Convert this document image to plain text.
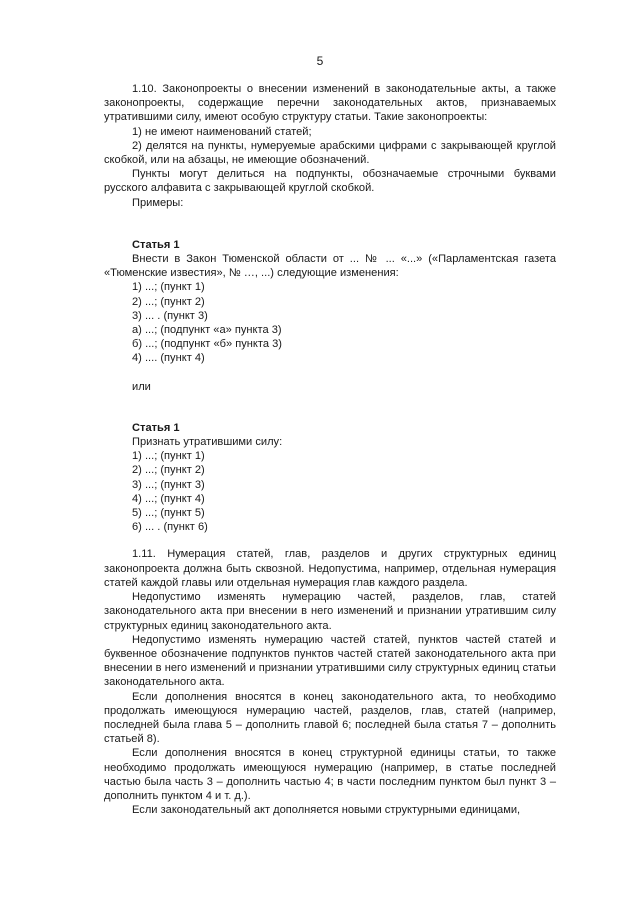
5

1.10. Законопроекты о внесении изменений в законодательные акты, а также законопроекты, содержащие перечни законодательных актов, признаваемых утратившими силу, имеют особую структуру статьи. Такие законопроекты:

1) не имеют наименований статей;

2) делятся на пункты, нумеруемые арабскими цифрами с закрывающей круглой скобкой, или на абзацы, не имеющие обозначений.

Пункты могут делиться на подпункты, обозначаемые строчными буквами русского алфавита с закрывающей круглой скобкой.

Примеры:

Статья 1

Внести в Закон Тюменской области от ... № ... «...» («Парламентская газета «Тюменские известия», № …, ...) следующие изменения:

1) ...; (пункт 1)

2) ...; (пункт 2)

3) ... . (пункт 3)

а) ...; (подпункт «а» пункта 3)

б) ...; (подпункт «б» пункта 3)

4) .... (пункт 4)

или

Статья 1

Признать утратившими силу:

1) ...; (пункт 1)

2) ...; (пункт 2)

3) ...; (пункт 3)

4) ...; (пункт 4)

5) ...; (пункт 5)

6) ... . (пункт 6)

1.11. Нумерация статей, глав, разделов и других структурных единиц законопроекта должна быть сквозной. Недопустима, например, отдельная нумерация статей каждой главы или отдельная нумерация глав каждого раздела.

Недопустимо изменять нумерацию частей, разделов, глав, статей законодательного акта при внесении в него изменений и признании утратившим силу структурных единиц законодательного акта.

Недопустимо изменять нумерацию частей статей, пунктов частей статей и буквенное обозначение подпунктов пунктов частей статей законодательного акта при внесении в него изменений и признании утратившими силу структурных единиц статьи законодательного акта.

Если дополнения вносятся в конец законодательного акта, то необходимо продолжать имеющуюся нумерацию частей, разделов, глав, статей (например, последней была глава 5 – дополнить главой 6; последней была статья 7 – дополнить статьей 8).

Если дополнения вносятся в конец структурной единицы статьи, то также необходимо продолжать имеющуюся нумерацию (например, в статье последней частью была часть 3 – дополнить частью 4; в части последним пунктом был пункт 3 – дополнить пунктом 4 и т. д.).

Если законодательный акт дополняется новыми структурными единицами,
